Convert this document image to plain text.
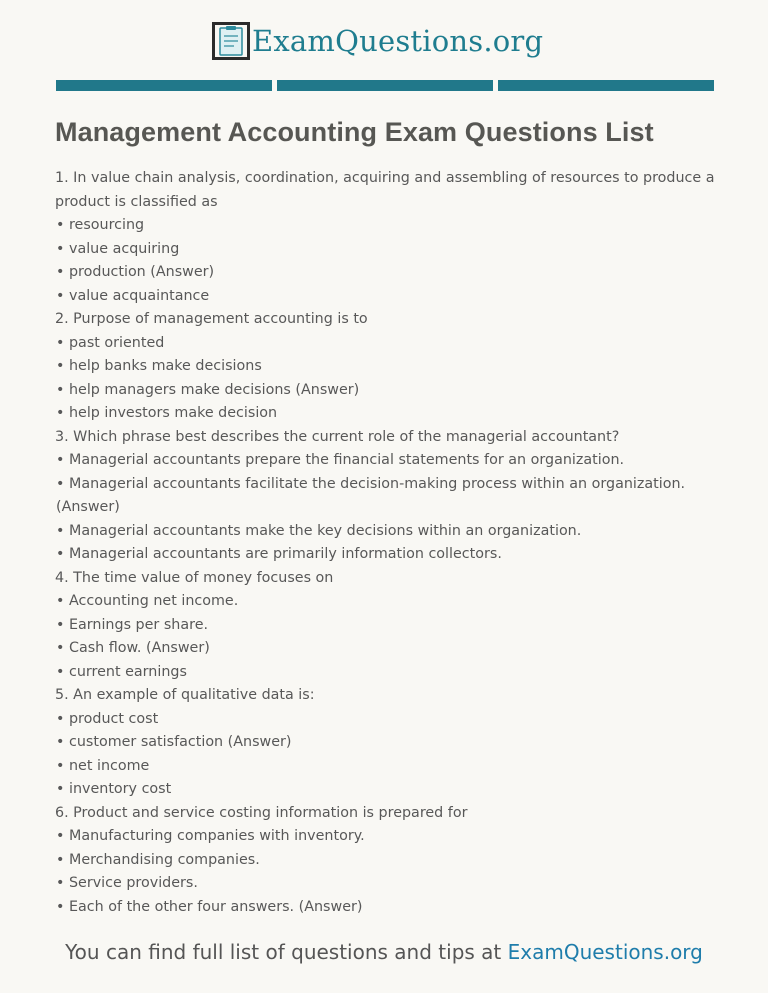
ExamQuestions.org
Management Accounting Exam Questions List
1. In value chain analysis, coordination, acquiring and assembling of resources to produce a product is classified as
• resourcing
• value acquiring
• production (Answer)
• value acquaintance
2. Purpose of management accounting is to
• past oriented
• help banks make decisions
• help managers make decisions (Answer)
• help investors make decision
3. Which phrase best describes the current role of the managerial accountant?
• Managerial accountants prepare the financial statements for an organization.
• Managerial accountants facilitate the decision-making process within an organization. (Answer)
• Managerial accountants make the key decisions within an organization.
• Managerial accountants are primarily information collectors.
4. The time value of money focuses on
• Accounting net income.
• Earnings per share.
• Cash flow. (Answer)
• current earnings
5. An example of qualitative data is:
• product cost
• customer satisfaction (Answer)
• net income
• inventory cost
6. Product and service costing information is prepared for
• Manufacturing companies with inventory.
• Merchandising companies.
• Service providers.
• Each of the other four answers. (Answer)
You can find full list of questions and tips at ExamQuestions.org
